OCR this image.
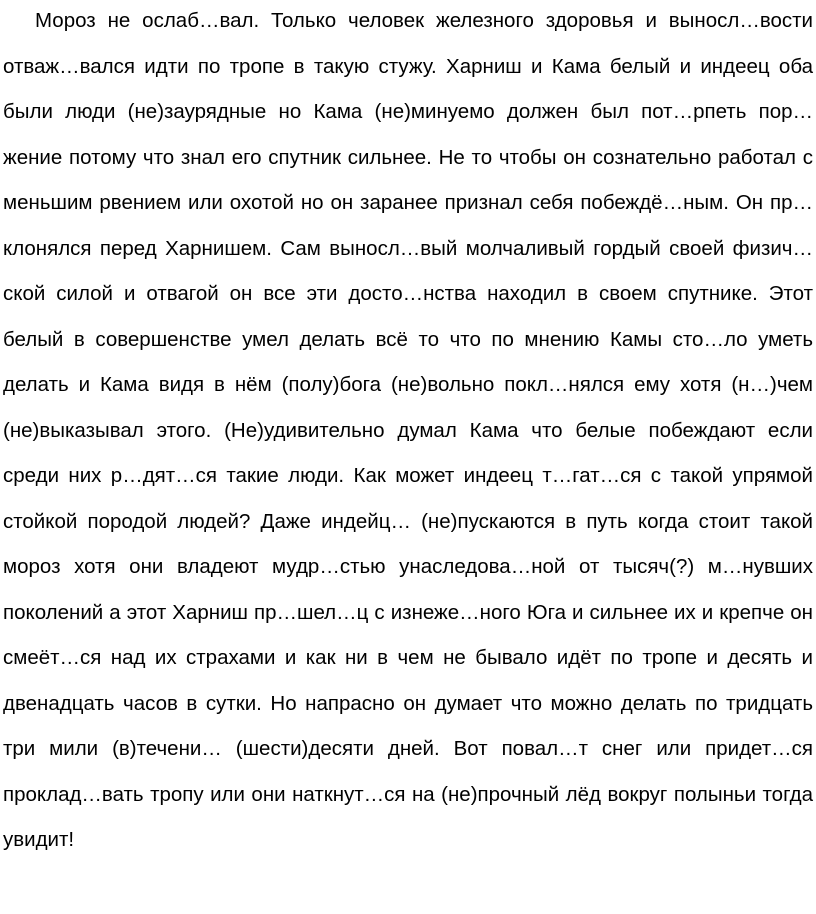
Мороз не ослаб…вал. Только человек железного здоровья и выносл…вости отваж…вался идти по тропе в такую стужу. Харниш и Кама белый и индеец оба были люди (не)заурядные но Кама (не)минуемо должен был пот…рпеть пор…жение потому что знал его спутник сильнее. Не то чтобы он сознательно работал с меньшим рвением или охотой но он заранее признал себя побеждё…ным. Он пр…клонялся перед Харнишем. Сам выносл…вый молчаливый гордый своей физич…ской силой и отвагой он все эти досто…нства находил в своем спутнике. Этот белый в совершенстве умел делать всё то что по мнению Камы сто…ло уметь делать и Кама видя в нём (полу)бога (не)вольно покл…нялся ему хотя (н…)чем (не)выказывал этого. (Не)удивительно думал Кама что белые побеждают если среди них р…дят…ся такие люди. Как может индеец т…гат…ся с такой упрямой стойкой породой людей? Даже индейц… (не)пускаются в путь когда стоит такой мороз хотя они владеют мудр…стью унаследова…ной от тысяч(?) м…нувших поколений а этот Харниш пр…шел…ц с изнеже…ного Юга и сильнее их и крепче он смеёт…ся над их страхами и как ни в чем не бывало идёт по тропе и десять и двенадцать часов в сутки. Но напрасно он думает что можно делать по тридцать три мили (в)течени… (шести)десяти дней. Вот повал…т снег или придет…ся проклад…вать тропу или они наткнут…ся на (не)прочный лёд вокруг полыньи тогда увидит!
